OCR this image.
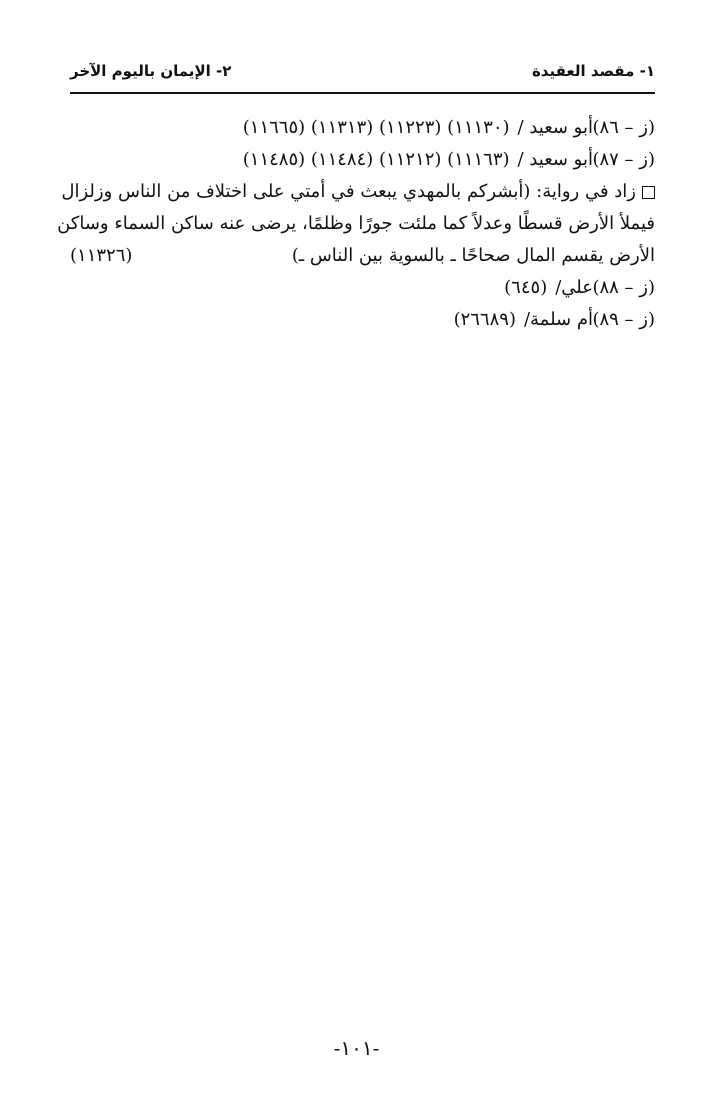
١- مقصد العقيدة
٢- الإيمان باليوم الآخر
(ز – ٨٦)
أبو سعيد /
(١١١٣٠) (١١٢٢٣) (١١٣١٣) (١١٦٦٥)
(ز – ٨٧)
أبو سعيد /
(١١١٦٣) (١١٢١٢) (١١٤٨٤) (١١٤٨٥)
زاد في رواية: (أبشركم بالمهدي يبعث في أمتي على اختلاف من الناس وزلزال
فيملأ الأرض قسطًا وعدلاً كما ملئت جورًا وظلمًا، يرضى عنه ساكن السماء وساكن
الأرض يقسم المال صحاحًا ـ بالسوية بين الناس ـ)
(١١٣٢٦)
(ز – ٨٨)
علي/
(٦٤٥)
(ز – ٨٩)
أم سلمة/
(٢٦٦٨٩)
-١٠١-
